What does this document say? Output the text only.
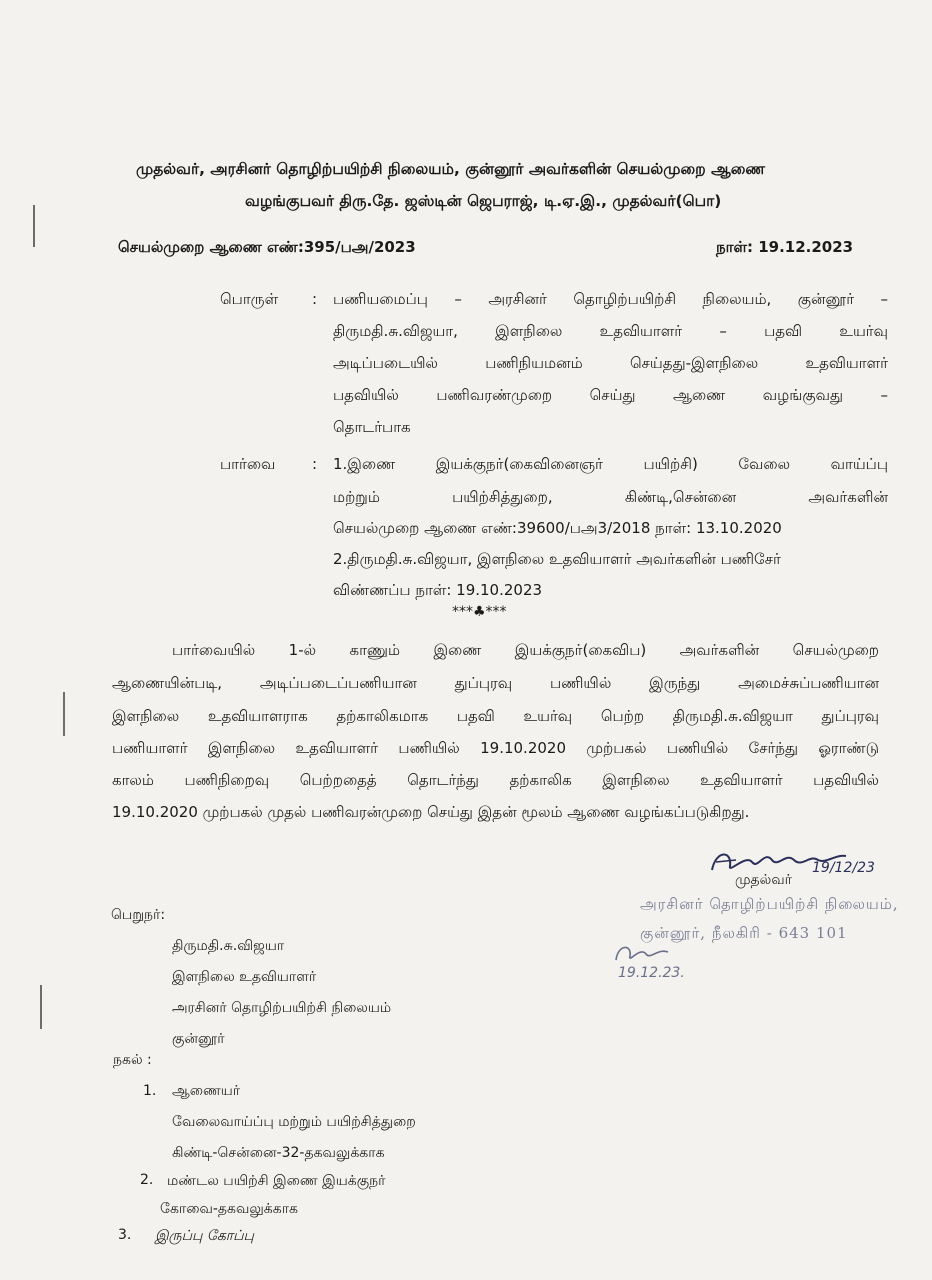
முதல்வர், அரசினர் தொழிற்பயிற்சி நிலையம், குன்னூர் அவர்களின் செயல்முறை ஆணை
வழங்குபவர் திரு.தே. ஜஸ்டின் ஜெபராஜ், டி.ஏ.இ., முதல்வர்(பொ)
செயல்முறை ஆணை எண்:395/பஅ/2023	நாள்: 19.12.2023
பொருள் : பணியமைப்பு – அரசினர் தொழிற்பயிற்சி நிலையம், குன்னூர் –
திருமதி.சு.விஜயா, இளநிலை உதவியாளர் – பதவி உயர்வு
அடிப்படையில் பணிநியமனம் செய்தது-இளநிலை உதவியாளர்
பதவியில் பணிவரண்முறை செய்து ஆணை வழங்குவது –
தொடர்பாக
பார்வை : 1.இணை இயக்குநர்(கைவினைஞர் பயிற்சி) வேலை வாய்ப்பு
மற்றும் பயிற்சித்துறை, கிண்டி,சென்னை அவர்களின்
செயல்முறை ஆணை எண்:39600/பஅ3/2018 நாள்: 13.10.2020
2.திருமதி.சு.விஜயா, இளநிலை உதவியாளர் அவர்களின் பணிசேர்
விண்ணப்ப நாள்: 19.10.2023
***♣***
பார்வையில் 1-ல் காணும் இணை இயக்குநர்(கைவிப) அவர்களின் செயல்முறை
ஆணையின்படி, அடிப்படைப்பணியான துப்புரவு பணியில் இருந்து அமைச்சுப்பணியான
இளநிலை உதவியாளராக தற்காலிகமாக பதவி உயர்வு பெற்ற திருமதி.சு.விஜயா துப்புரவு
பணியாளர் இளநிலை உதவியாளர் பணியில் 19.10.2020 முற்பகல் பணியில் சேர்ந்து ஓராண்டு
காலம் பணிநிறைவு பெற்றதைத் தொடர்ந்து தற்காலிக இளநிலை உதவியாளர் பதவியில்
19.10.2020 முற்பகல் முதல் பணிவரன்முறை செய்து இதன் மூலம் ஆணை வழங்கப்படுகிறது.
19/12/23
முதல்வர்
அரசினர் தொழிற்பயிற்சி நிலையம்,
குன்னூர், நீலகிரி - 643 101
19.12.23.
பெறுநர்:
திருமதி.சு.விஜயா
இளநிலை உதவியாளர்
அரசினர் தொழிற்பயிற்சி நிலையம்
குன்னூர்
நகல் :
1. ஆணையர்
வேலைவாய்ப்பு மற்றும் பயிற்சித்துறை
கிண்டி-சென்னை-32-தகவலுக்காக
2. மண்டல பயிற்சி இணை இயக்குநர்
கோவை-தகவலுக்காக
3. இருப்பு கோப்பு
